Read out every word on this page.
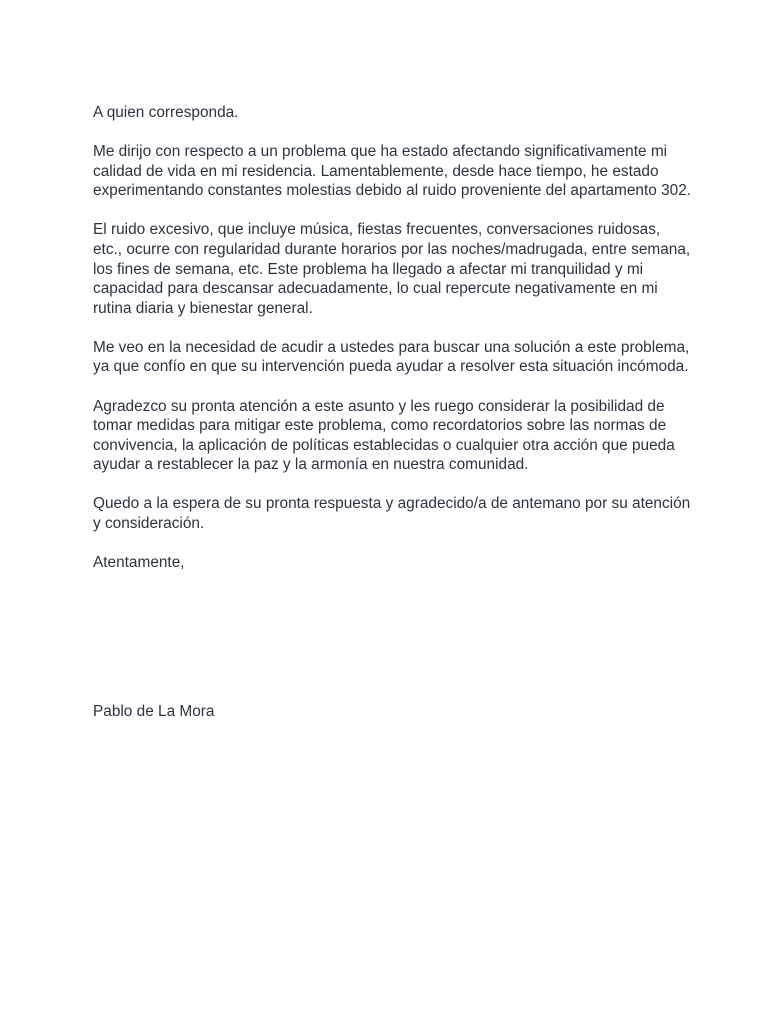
A quien corresponda.

Me dirijo con respecto a un problema que ha estado afectando significativamente mi calidad de vida en mi residencia. Lamentablemente, desde hace tiempo, he estado experimentando constantes molestias debido al ruido proveniente del apartamento 302.

El ruido excesivo, que incluye música, fiestas frecuentes, conversaciones ruidosas, etc., ocurre con regularidad durante horarios por las noches/madrugada, entre semana, los fines de semana, etc. Este problema ha llegado a afectar mi tranquilidad y mi capacidad para descansar adecuadamente, lo cual repercute negativamente en mi rutina diaria y bienestar general.

Me veo en la necesidad de acudir a ustedes para buscar una solución a este problema, ya que confío en que su intervención pueda ayudar a resolver esta situación incómoda.

Agradezco su pronta atención a este asunto y les ruego considerar la posibilidad de tomar medidas para mitigar este problema, como recordatorios sobre las normas de convivencia, la aplicación de políticas establecidas o cualquier otra acción que pueda ayudar a restablecer la paz y la armonía en nuestra comunidad.

Quedo a la espera de su pronta respuesta y agradecido/a de antemano por su atención y consideración.

Atentamente,

Pablo de La Mora
